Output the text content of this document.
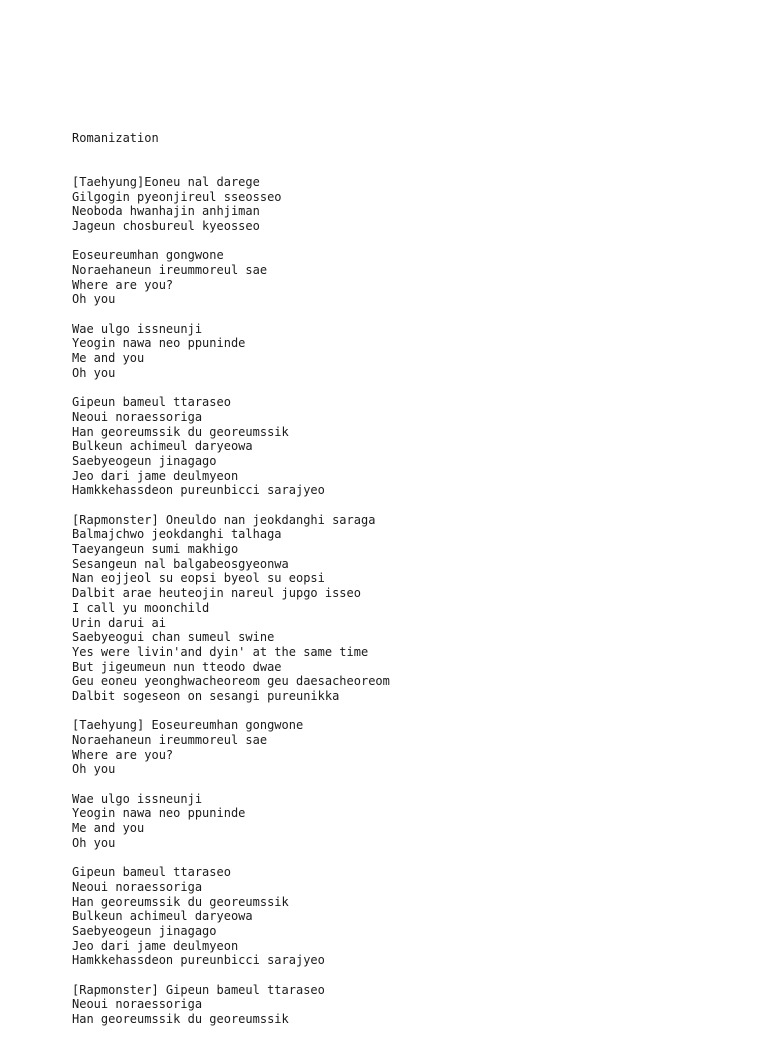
Romanization

[Taehyung]Eoneu nal darege
Gilgogin pyeonjireul sseosseo
Neoboda hwanhajin anhjiman
Jageun chosbureul kyeosseo
Eoseureumhan gongwone
Noraehaneun ireummoreul sae
Where are you?
Oh you
Wae ulgo issneunji
Yeogin nawa neo ppuninde
Me and you
Oh you
Gipeun bameul ttaraseo
Neoui noraessoriga
Han georeumssik du georeumssik
Bulkeun achimeul daryeowa
Saebyeogeun jinagago
Jeo dari jame deulmyeon
Hamkkehassdeon pureunbicci sarajyeo
[Rapmonster] Oneuldo nan jeokdanghi saraga
Balmajchwo jeokdanghi talhaga
Taeyangeun sumi makhigo
Sesangeun nal balgabeosgyeonwa
Nan eojjeol su eopsi byeol su eopsi
Dalbit arae heuteojin nareul jupgo isseo
I call yu moonchild
Urin darui ai
Saebyeogui chan sumeul swine
Yes were livin'and dyin' at the same time
But jigeumeun nun tteodo dwae
Geu eoneu yeonghwacheoreom geu daesacheoreom
Dalbit sogeseon on sesangi pureunikka
[Taehyung] Eoseureumhan gongwone
Noraehaneun ireummoreul sae
Where are you?
Oh you
Wae ulgo issneunji
Yeogin nawa neo ppuninde
Me and you
Oh you
Gipeun bameul ttaraseo
Neoui noraessoriga
Han georeumssik du georeumssik
Bulkeun achimeul daryeowa
Saebyeogeun jinagago
Jeo dari jame deulmyeon
Hamkkehassdeon pureunbicci sarajyeo
[Rapmonster] Gipeun bameul ttaraseo
Neoui noraessoriga
Han georeumssik du georeumssik
